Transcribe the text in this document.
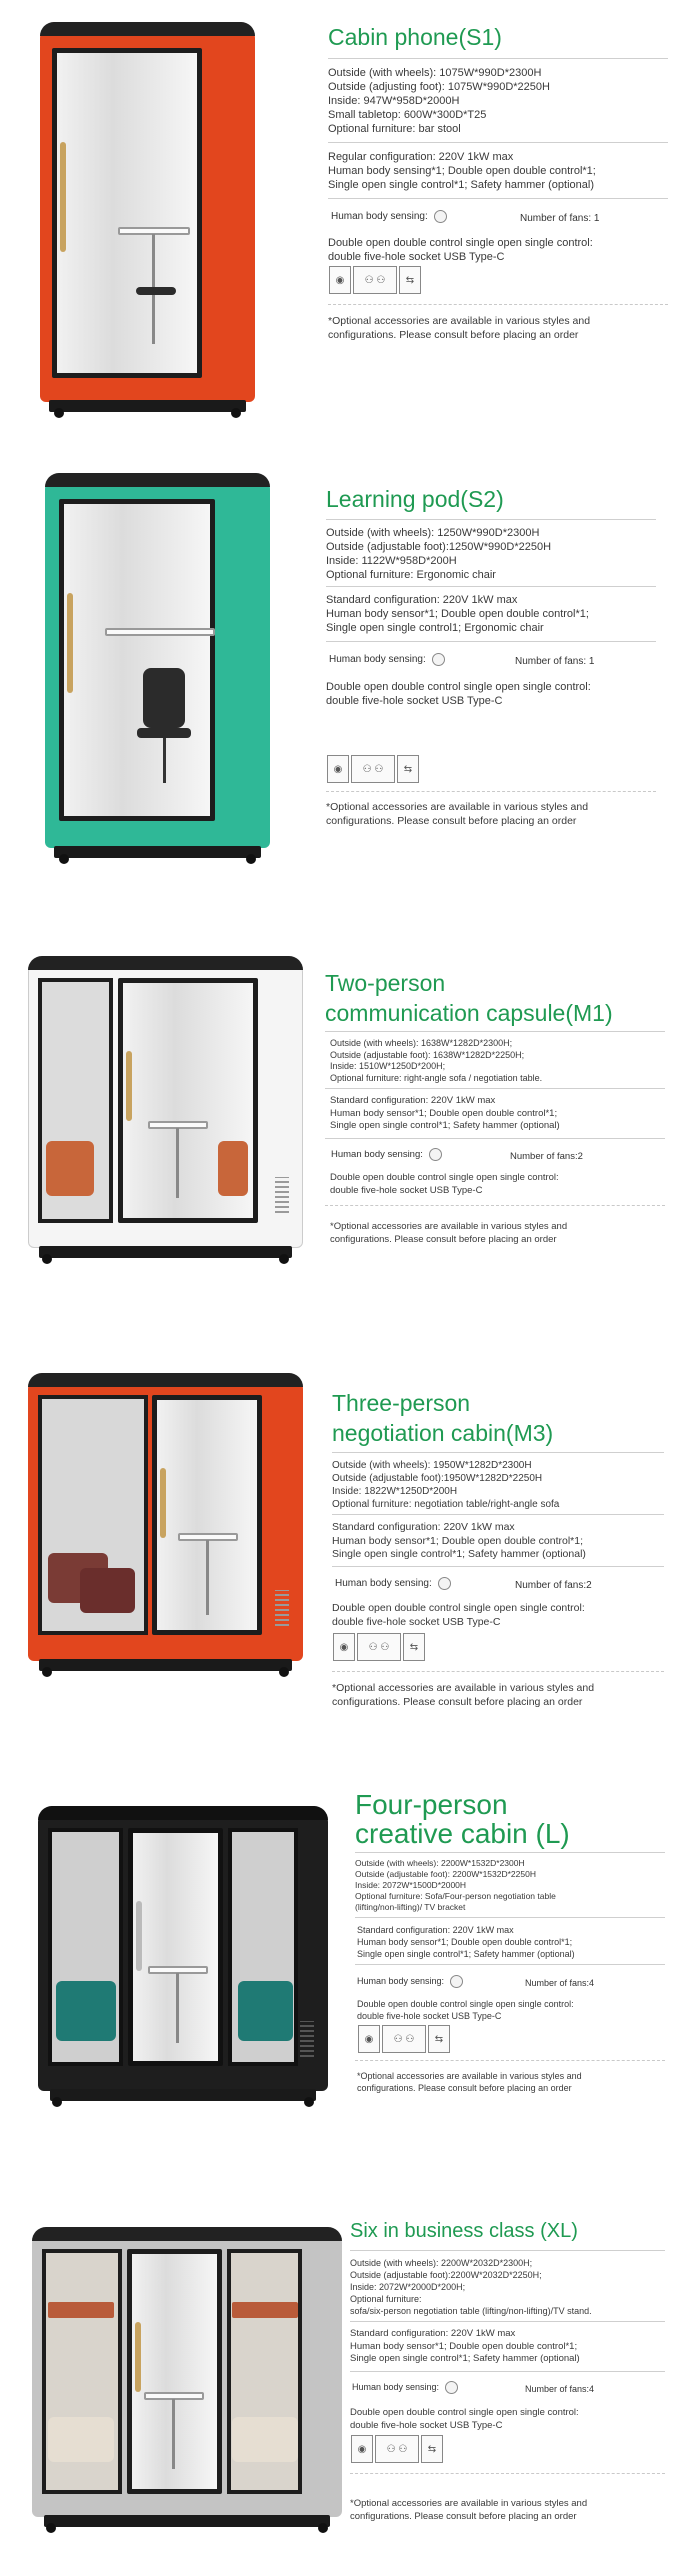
Cabin phone(S1)
Outside (with wheels): 1075W*990D*2300H
Outside (adjusting foot): 1075W*990D*2250H
Inside: 947W*958D*2000H
Small tabletop: 600W*300D*T25
Optional furniture: bar stool
Regular configuration: 220V 1kW max
Human body sensing*1; Double open double control*1;
Single open single control*1; Safety hammer (optional)
Human body sensing:	Number of fans: 1
Double open double control single open single control:
double five-hole socket USB Type-C
◉	⚇ ⚇	⇆
*Optional accessories are available in various styles and
configurations. Please consult before placing an order
Learning pod(S2)
Outside (with wheels): 1250W*990D*2300H
Outside (adjustable foot):1250W*990D*2250H
Inside: 1122W*958D*200H
Optional furniture: Ergonomic chair
Standard configuration: 220V 1kW max
Human body sensor*1; Double open double control*1;
Single open single control1; Ergonomic chair
Human body sensing:	Number of fans: 1
Double open double control single open single control:
double five-hole socket USB Type-C
◉	⚇ ⚇	⇆
*Optional accessories are available in various styles and
configurations. Please consult before placing an order
Two-person
communication capsule(M1)
Outside (with wheels): 1638W*1282D*2300H;
Outside (adjustable foot): 1638W*1282D*2250H;
Inside: 1510W*1250D*200H;
Optional furniture: right-angle sofa / negotiation table.
Standard configuration: 220V 1kW max
Human body sensor*1; Double open double control*1;
Single open single control*1; Safety hammer (optional)
Human body sensing:	Number of fans:2
Double open double control single open single control:
double five-hole socket USB Type-C
*Optional accessories are available in various styles and
configurations. Please consult before placing an order
Three-person
negotiation cabin(M3)
Outside (with wheels): 1950W*1282D*2300H
Outside (adjustable foot):1950W*1282D*2250H
Inside: 1822W*1250D*200H
Optional furniture: negotiation table/right-angle sofa
Standard configuration: 220V 1kW max
Human body sensor*1; Double open double control*1;
Single open single control*1; Safety hammer (optional)
Human body sensing:	Number of fans:2
Double open double control single open single control:
double five-hole socket USB Type-C
◉	⚇ ⚇	⇆
*Optional accessories are available in various styles and
configurations. Please consult before placing an order
Four-person
creative cabin (L)
Outside (with wheels): 2200W*1532D*2300H
Outside (adjustable foot): 2200W*1532D*2250H
Inside: 2072W*1500D*2000H
Optional furniture: Sofa/Four-person negotiation table
(lifting/non-lifting)/ TV bracket
Standard configuration: 220V 1kW max
Human body sensor*1; Double open double control*1;
Single open single control*1; Safety hammer (optional)
Human body sensing:	Number of fans:4
Double open double control single open single control:
double five-hole socket USB Type-C
◉	⚇ ⚇	⇆
*Optional accessories are available in various styles and
configurations. Please consult before placing an order
Six in business class (XL)
Outside (with wheels): 2200W*2032D*2300H;
Outside (adjustable foot):2200W*2032D*2250H;
Inside: 2072W*2000D*200H;
Optional furniture:
sofa/six-person negotiation table (lifting/non-lifting)/TV stand.
Standard configuration: 220V 1kW max
Human body sensor*1; Double open double control*1;
Single open single control*1; Safety hammer (optional)
Human body sensing:	Number of fans:4
Double open double control single open single control:
double five-hole socket USB Type-C
◉	⚇ ⚇	⇆
*Optional accessories are available in various styles and
configurations. Please consult before placing an order
